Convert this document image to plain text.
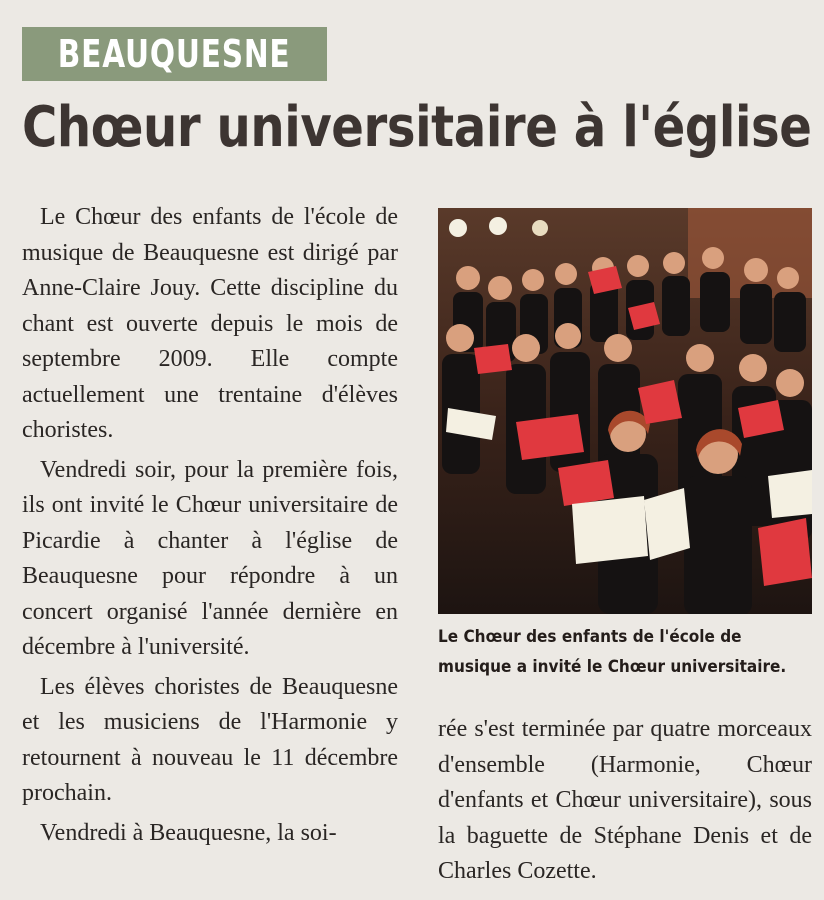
BEAUQUESNE
Chœur universitaire à l'église

Le Chœur des enfants de l'école de musique de Beauquesne est dirigé par Anne-Claire Jouy. Cette discipline du chant est ouverte depuis le mois de septembre 2009. Elle compte actuellement une trentaine d'élèves choristes.

Vendredi soir, pour la première fois, ils ont invité le Chœur universitaire de Picardie à chanter à l'église de Beauquesne pour répondre à un concert organisé l'année dernière en décembre à l'université.

Les élèves choristes de Beauquesne et les musiciens de l'Harmonie y retournent à nouveau le 11 décembre prochain.

Vendredi à Beauquesne, la soi-

Le Chœur des enfants de l'école de musique a invité le Chœur universitaire.

rée s'est terminée par quatre morceaux d'ensemble (Harmonie, Chœur d'enfants et Chœur universitaire), sous la baguette de Stéphane Denis et de Charles Cozette.
